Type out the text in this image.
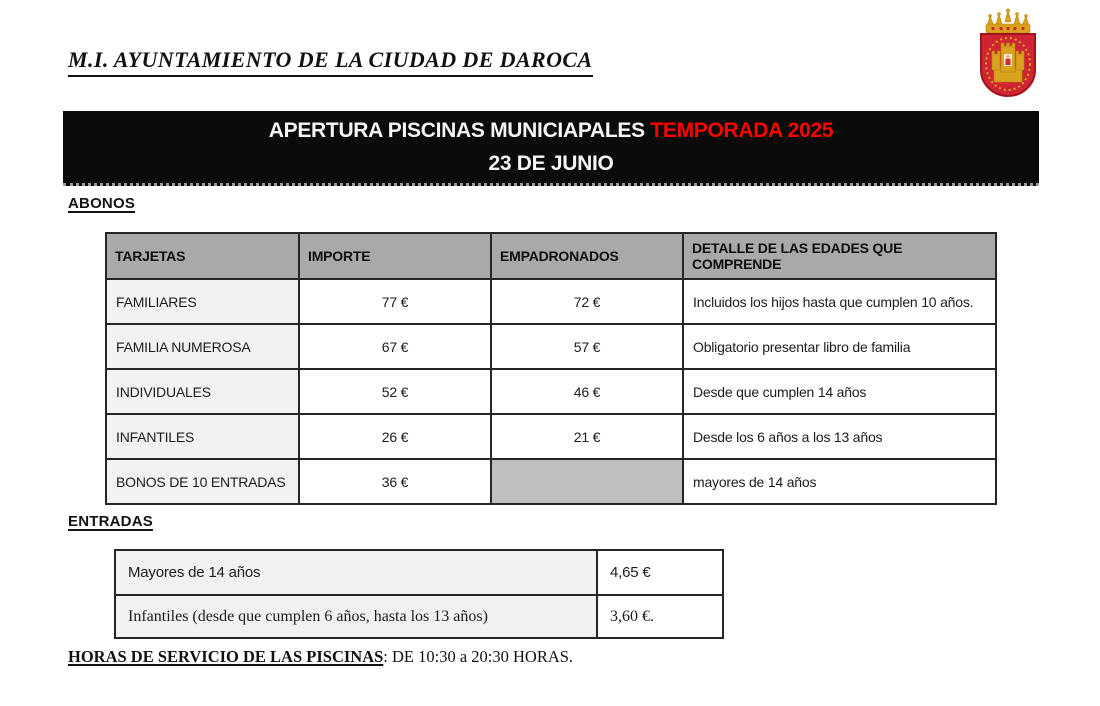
M.I. AYUNTAMIENTO DE LA CIUDAD DE DAROCA
APERTURA PISCINAS MUNICIAPALES TEMPORADA 2025
23 DE JUNIO
ABONOS
TARJETAS	IMPORTE	EMPADRONADOS	DETALLE DE LAS EDADES QUE COMPRENDE
FAMILIARES	77 €	72 €	Incluidos los hijos hasta que cumplen 10 años.
FAMILIA NUMEROSA	67 €	57 €	Obligatorio presentar libro de familia
INDIVIDUALES	52 €	46 €	Desde que cumplen 14 años
INFANTILES	26 €	21 €	Desde los 6 años a los 13 años
BONOS DE 10 ENTRADAS	36 €		mayores de 14 años
ENTRADAS
Mayores de 14 años	4,65 €
Infantiles (desde que cumplen 6 años, hasta los 13 años)	3,60 €.
HORAS DE SERVICIO DE LAS PISCINAS: DE 10:30 a 20:30 HORAS.
